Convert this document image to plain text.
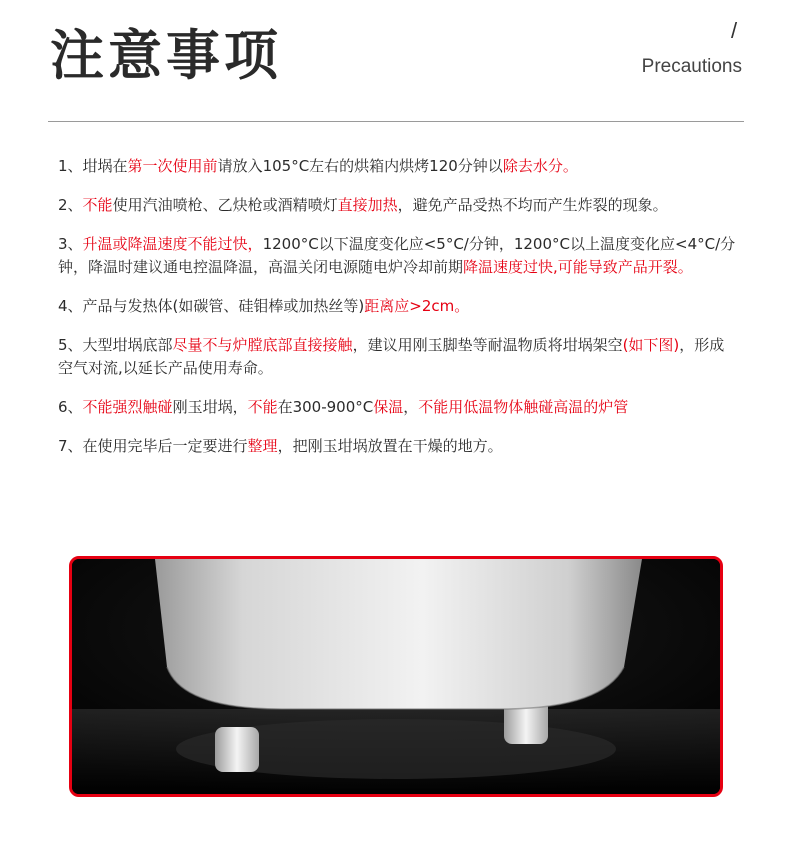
注意事项	/
Precautions

1、坩埚在第一次使用前请放入105°C左右的烘箱内烘烤120分钟以除去水分。

2、不能使用汽油喷枪、乙炔枪或酒精喷灯直接加热，避免产品受热不均而产生炸裂的现象。

3、升温或降温速度不能过快，1200°C以下温度变化应<5°C/分钟，1200°C以上温度变化应<4°C/分钟，降温时建议通电控温降温，高温关闭电源随电炉冷却前期降温速度过快,可能导致产品开裂。

4、产品与发热体(如碳管、硅钼棒或加热丝等)距离应>2cm。

5、大型坩埚底部尽量不与炉膛底部直接接触，建议用刚玉脚垫等耐温物质将坩埚架空(如下图)，形成空气对流,以延长产品使用寿命。

6、不能强烈触碰刚玉坩埚，不能在300-900°C保温，不能用低温物体触碰高温的炉管

7、在使用完毕后一定要进行整理，把刚玉坩埚放置在干燥的地方。
